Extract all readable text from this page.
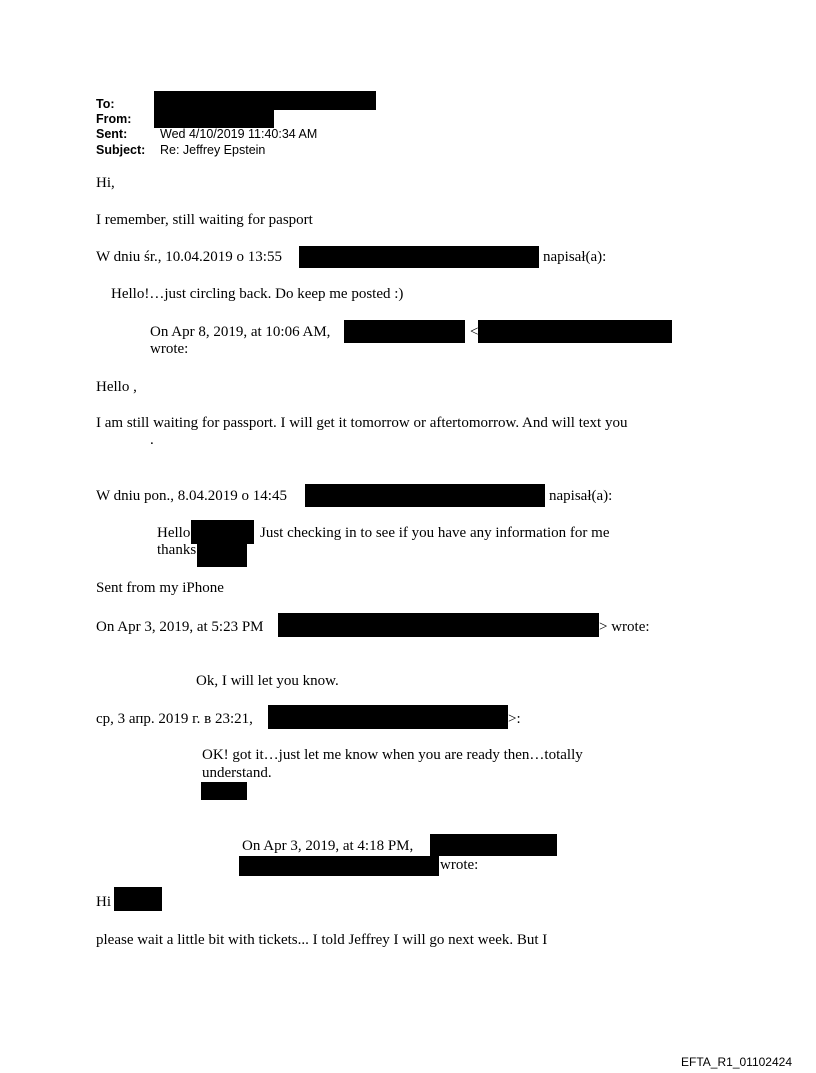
To:
From:
Sent:	Wed 4/10/2019 11:40:34 AM
Subject: Re: Jeffrey Epstein
Hi,
I remember, still waiting for pasport
W dniu śr., 10.04.2019 o 13:55	napisał(a):
Hello!…just circling back. Do keep me posted :)
On Apr 8, 2019, at 10:06 AM,	<
wrote:
Hello ,
I am still waiting for passport. I will get it tomorrow or aftertomorrow. And will text you
.
W dniu pon., 8.04.2019 o 14:45	napisał(a):
Hello	Just checking in to see if you have any information for me
thanks
Sent from my iPhone
On Apr 3, 2019, at 5:23 PM	> wrote:
Ok, I will let you know.
ср, 3 апр. 2019 г. в 23:21,	>:
OK! got it…just let me know when you are ready then…totally
understand.
On Apr 3, 2019, at 4:18 PM,
wrote:
Hi
please wait a little bit with tickets... I told Jeffrey I will go next week. But I
EFTA_R1_01102424
